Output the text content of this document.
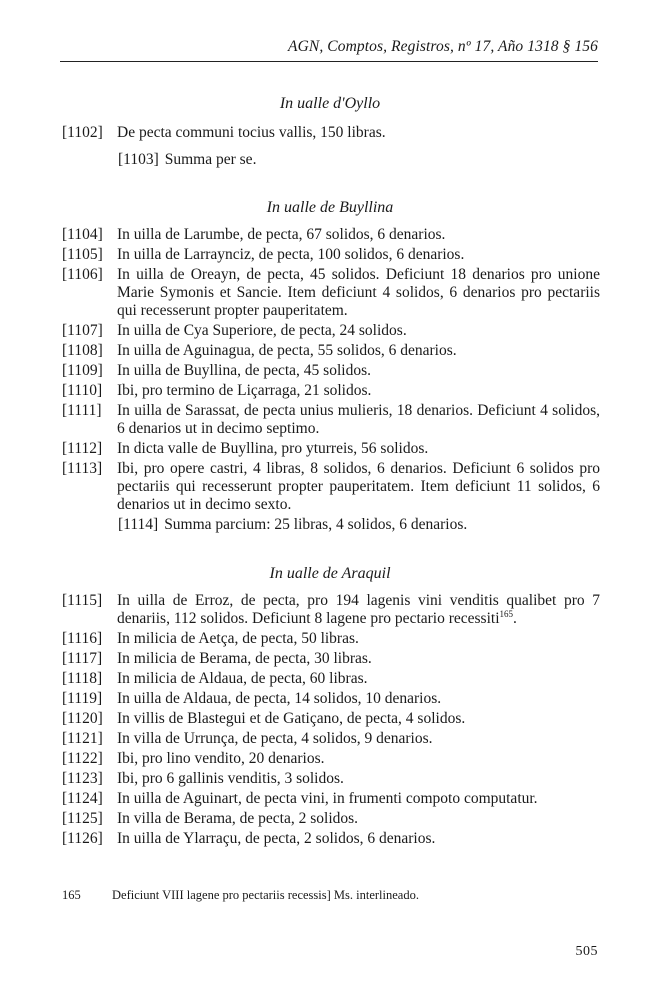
AGN, Comptos, Registros, nº 17, Año 1318 § 156
In ualle d'Oyllo
[1102] De pecta communi tocius vallis, 150 libras.
[1103] Summa per se.
In ualle de Buyllina
[1104] In uilla de Larumbe, de pecta, 67 solidos, 6 denarios.
[1105] In uilla de Larraynciz, de pecta, 100 solidos, 6 denarios.
[1106] In uilla de Oreayn, de pecta, 45 solidos. Deficiunt 18 denarios pro unione Marie Symonis et Sancie. Item deficiunt 4 solidos, 6 denarios pro pectariis qui recesserunt propter pauperitatem.
[1107] In uilla de Cya Superiore, de pecta, 24 solidos.
[1108] In uilla de Aguinagua, de pecta, 55 solidos, 6 denarios.
[1109] In uilla de Buyllina, de pecta, 45 solidos.
[1110] Ibi, pro termino de Liçarraga, 21 solidos.
[1111] In uilla de Sarassat, de pecta unius mulieris, 18 denarios. Deficiunt 4 solidos, 6 denarios ut in decimo septimo.
[1112] In dicta valle de Buyllina, pro yturreis, 56 solidos.
[1113] Ibi, pro opere castri, 4 libras, 8 solidos, 6 denarios. Deficiunt 6 solidos pro pectariis qui recesserunt propter pauperitatem. Item deficiunt 11 solidos, 6 denarios ut in decimo sexto.
[1114] Summa parcium: 25 libras, 4 solidos, 6 denarios.
In ualle de Araquil
[1115] In uilla de Erroz, de pecta, pro 194 lagenis vini venditis qualibet pro 7 denariis, 112 solidos. Deficiunt 8 lagene pro pectario recessiti$^{165}$.
[1116] In milicia de Aetça, de pecta, 50 libras.
[1117] In milicia de Berama, de pecta, 30 libras.
[1118] In milicia de Aldaua, de pecta, 60 libras.
[1119] In uilla de Aldaua, de pecta, 14 solidos, 10 denarios.
[1120] In villis de Blastegui et de Gatiçano, de pecta, 4 solidos.
[1121] In villa de Urrunça, de pecta, 4 solidos, 9 denarios.
[1122] Ibi, pro lino vendito, 20 denarios.
[1123] Ibi, pro 6 gallinis venditis, 3 solidos.
[1124] In uilla de Aguinart, de pecta vini, in frumenti compoto computatur.
[1125] In villa de Berama, de pecta, 2 solidos.
[1126] In uilla de Ylarraçu, de pecta, 2 solidos, 6 denarios.
165	Deficiunt VIII lagene pro pectariis recessis] Ms. interlineado.
505
